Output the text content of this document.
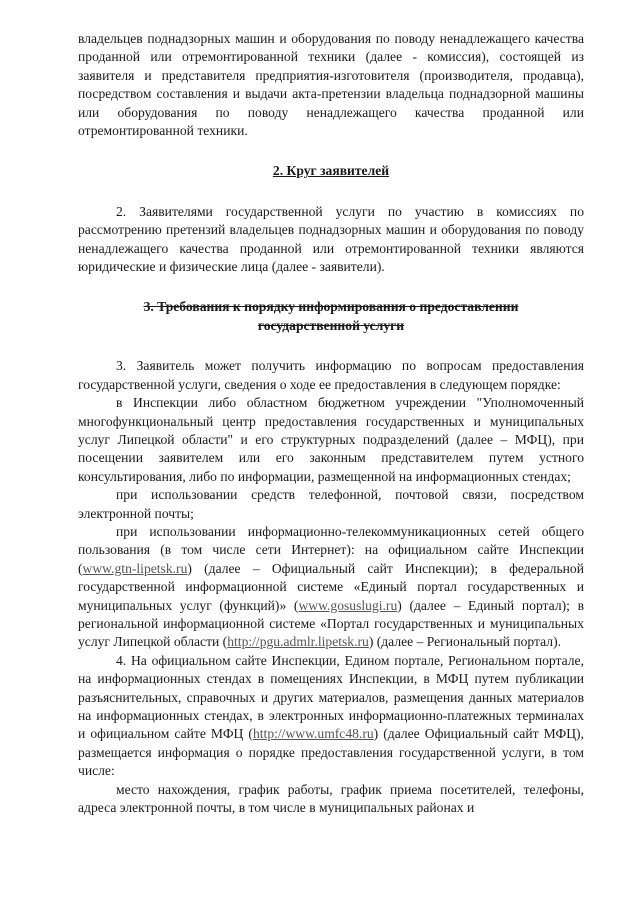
владельцев поднадзорных машин и оборудования по поводу ненадлежащего качества проданной или отремонтированной техники (далее - комиссия), состоящей из заявителя и представителя предприятия-изготовителя (производителя, продавца), посредством составления и выдачи акта-претензии владельца поднадзорной машины или оборудования по поводу ненадлежащего качества проданной или отремонтированной техники.

2. Круг заявителей

2. Заявителями государственной услуги по участию в комиссиях по рассмотрению претензий владельцев поднадзорных машин и оборудования по поводу ненадлежащего качества проданной или отремонтированной техники являются юридические и физические лица (далее - заявители).

3. Требования к порядку информирования о предоставлении
государственной услуги

3. Заявитель может получить информацию по вопросам предоставления государственной услуги, сведения о ходе ее предоставления в следующем порядке:

в Инспекции либо областном бюджетном учреждении "Уполномоченный многофункциональный центр предоставления государственных и муниципальных услуг Липецкой области" и его структурных подразделений (далее – МФЦ), при посещении заявителем или его законным представителем путем устного консультирования, либо по информации, размещенной на информационных стендах;

при использовании средств телефонной, почтовой связи, посредством электронной почты;

при использовании информационно-телекоммуникационных сетей общего пользования (в том числе сети Интернет): на официальном сайте Инспекции (www.gtn-lipetsk.ru) (далее – Официальный сайт Инспекции); в федеральной государственной информационной системе «Единый портал государственных и муниципальных услуг (функций)» (www.gosuslugi.ru) (далее – Единый портал); в региональной информационной системе «Портал государственных и муниципальных услуг Липецкой области (http://pgu.admlr.lipetsk.ru) (далее – Региональный портал).

4. На официальном сайте Инспекции, Едином портале, Региональном портале, на информационных стендах в помещениях Инспекции, в МФЦ путем публикации разъяснительных, справочных и других материалов, размещения данных материалов на информационных стендах, в электронных информационно-платежных терминалах и официальном сайте МФЦ (http://www.umfc48.ru) (далее Официальный сайт МФЦ), размещается информация о порядке предоставления государственной услуги, в том числе:

место нахождения, график работы, график приема посетителей, телефоны, адреса электронной почты, в том числе в муниципальных районах и
